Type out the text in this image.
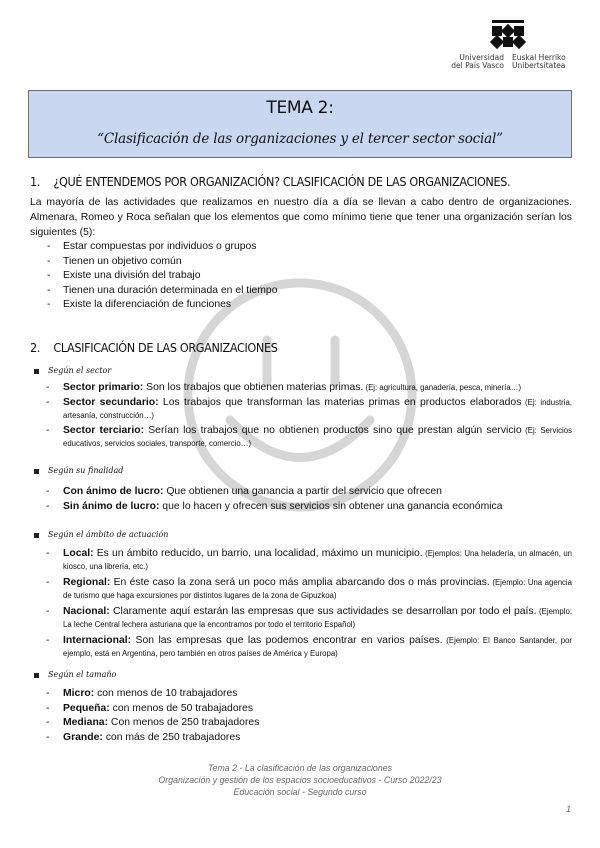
Universidad
del País Vasco
Euskal Herriko
Unibertsitatea
TEMA 2:
“Clasificación de las organizaciones y el tercer sector social”
1. ¿QUÉ ENTENDEMOS POR ORGANIZACIÓN? CLASIFICACIÓN DE LAS ORGANIZACIONES.
La mayoría de las actividades que realizamos en nuestro día a día se llevan a cabo dentro de organizaciones. Almenara, Romeo y Roca señalan que los elementos que como mínimo tiene que tener una organización serían los siguientes (5):
- Estar compuestas por individuos o grupos
- Tienen un objetivo común
- Existe una división del trabajo
- Tienen una duración determinada en el tiempo
- Existe la diferenciación de funciones
2. CLASIFICACIÓN DE LAS ORGANIZACIONES
Según el sector
- Sector primario: Son los trabajos que obtienen materias primas. (Ej: agricultura, ganadería, pesca, minería…)
- Sector secundario: Los trabajos que transforman las materias primas en productos elaborados (Ej: industria, artesanía, construcción…)
- Sector terciario: Serían los trabajos que no obtienen productos sino que prestan algún servicio (Ej: Servicios educativos, servicios sociales, transporte, comercio…)
Según su finalidad
- Con ánimo de lucro: Que obtienen una ganancia a partir del servicio que ofrecen
- Sin ánimo de lucro: que lo hacen y ofrecen sus servicios sin obtener una ganancia económica
Según el ámbito de actuación
- Local: Es un ámbito reducido, un barrio, una localidad, máximo un municipio. (Ejemplos: Una heladería, un almacén, un kiosco, una librería, etc.)
- Regional: En éste caso la zona será un poco más amplia abarcando dos o más provincias. (Ejemplo: Una agencia de turismo que haga excursiones por distintos lugares de la zona de Gipuzkoa)
- Nacional: Claramente aquí estarán las empresas que sus actividades se desarrollan por todo el país. (Ejemplo: La leche Central lechera asturiana que la encontramos por todo el territorio Español)
- Internacional: Son las empresas que las podemos encontrar en varios países. (Ejemplo: El Banco Santander, por ejemplo, está en Argentina, pero también en otros países de América y Europa)
Según el tamaño
- Micro: con menos de 10 trabajadores
- Pequeña: con menos de 50 trabajadores
- Mediana: Con menos de 250 trabajadores
- Grande: con más de 250 trabajadores
Tema 2 - La clasificación de las organizaciones
Organización y gestión de los espacios socioeducativos - Curso 2022/23
Educación social - Segundo curso
1
